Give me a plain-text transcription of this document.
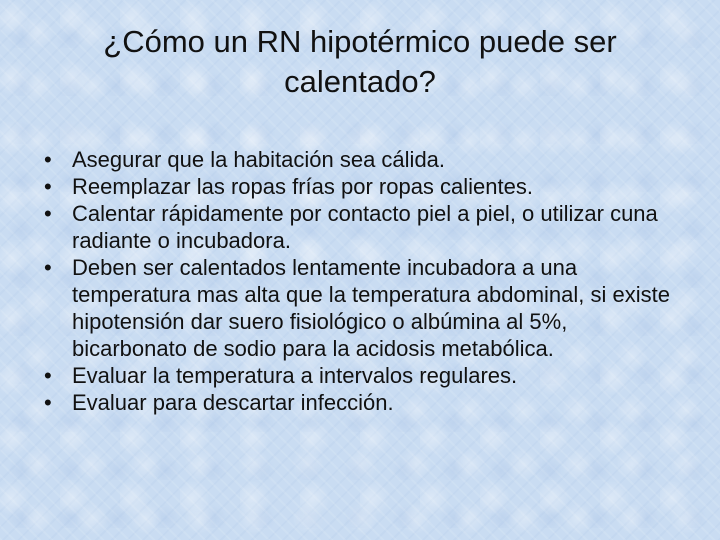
¿Cómo un RN hipotérmico puede ser calentado?
• Asegurar que la habitación sea cálida.
• Reemplazar las ropas frías por ropas calientes.
• Calentar rápidamente por contacto piel a piel, o utilizar cuna radiante o incubadora.
• Deben ser calentados lentamente incubadora a una temperatura mas alta que la temperatura abdominal, si existe hipotensión dar suero fisiológico o albúmina al 5%, bicarbonato de sodio para la acidosis metabólica.
• Evaluar la temperatura a intervalos regulares.
• Evaluar para descartar infección.
